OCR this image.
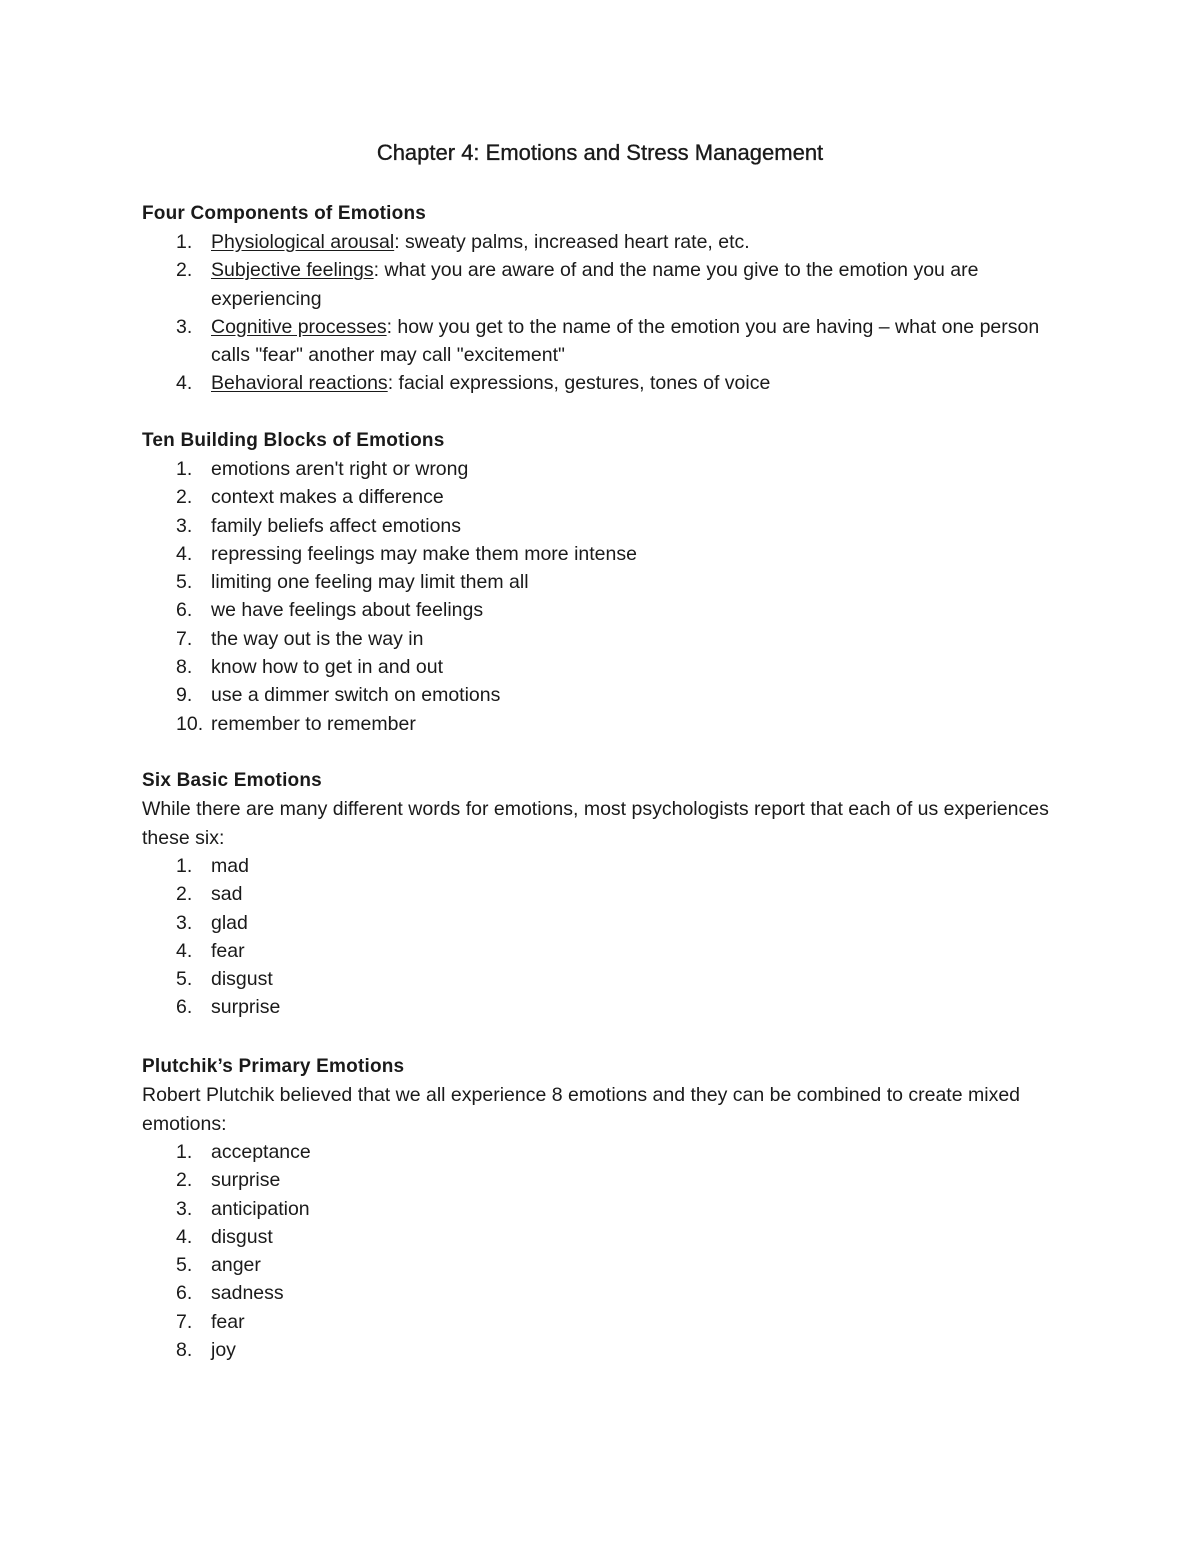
Chapter 4: Emotions and Stress Management
Four Components of Emotions
1. Physiological arousal: sweaty palms, increased heart rate, etc.
2. Subjective feelings: what you are aware of and the name you give to the emotion you are experiencing
3. Cognitive processes: how you get to the name of the emotion you are having – what one person calls "fear" another may call "excitement"
4. Behavioral reactions: facial expressions, gestures, tones of voice
Ten Building Blocks of Emotions
1. emotions aren't right or wrong
2. context makes a difference
3. family beliefs affect emotions
4. repressing feelings may make them more intense
5. limiting one feeling may limit them all
6. we have feelings about feelings
7. the way out is the way in
8. know how to get in and out
9. use a dimmer switch on emotions
10. remember to remember
Six Basic Emotions

While there are many different words for emotions, most psychologists report that each of us experiences these six:

1. mad
2. sad
3. glad
4. fear
5. disgust
6. surprise
Plutchik’s Primary Emotions

Robert Plutchik believed that we all experience 8 emotions and they can be combined to create mixed emotions:

1. acceptance
2. surprise
3. anticipation
4. disgust
5. anger
6. sadness
7. fear
8. joy
